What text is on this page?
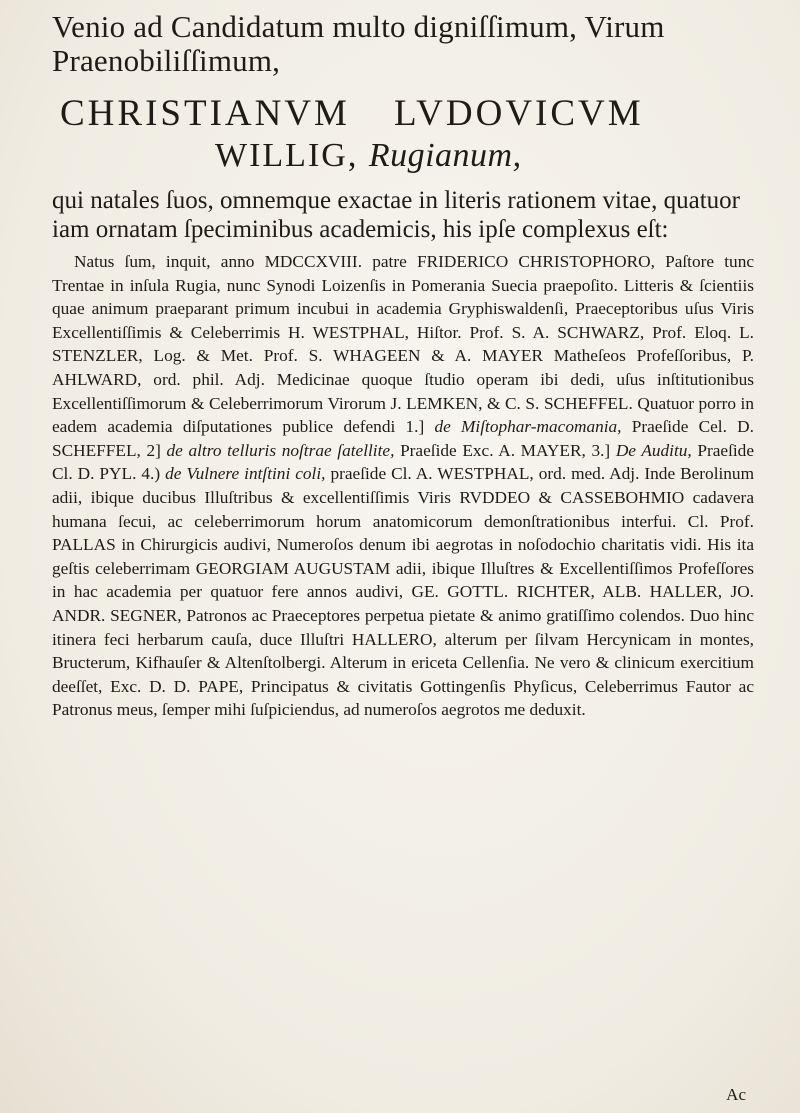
Venio ad Candidatum multo digniſſimum, Virum

Praenobiliſſimum,
CHRISTIANVM LVDOVICVM
WILLIG, Rugianum,
qui natales ſuos, omnemque exactae in literis rationem vitae, quatuor iam ornatam ſpeciminibus academicis, his ipſe complexus eſt:
Natus ſum, inquit, anno MDCCXVIII. patre FRIDERICO CHRISTOPHORO, Paſtore tunc Trentae in inſula Rugia, nunc Synodi Loizenſis in Pomerania Suecia praepoſito. Litteris & ſcientiis quae animum praeparant primum incubui in academia Gryphiswaldenſi, Praeceptoribus uſus Viris Excellentiſſimis & Celeberrimis H. WESTPHAL, Hiſtor. Prof. S. A. SCHWARZ, Prof. Eloq. L. STENZLER, Log. & Met. Prof. S. WHAGEEN & A. MAYER Matheſeos Profeſſoribus, P. AHLWARD, ord. phil. Adj. Medicinae quoque ſtudio operam ibi dedi, uſus inſtitutionibus Excellentiſſimorum & Celeberrimorum Virorum J. LEMKEN, & C. S. SCHEFFEL. Quatuor porro in eadem academia diſputationes publice defendi 1.] de Miſtophar-macomania, Praeſide Cel. D. SCHEFFEL, 2] de altro telluris noſtrae ſatellite, Praeſide Exc. A. MAYER, 3.] De Auditu, Praeſide Cl. D. PYL. 4.) de Vulnere intſtini coli, praeſide Cl. A. WESTPHAL, ord. med. Adj. Inde Berolinum adii, ibique ducibus Illuſtribus & excellentiſſimis Viris RVDDEO & CASSEBOHMIO cadavera humana ſecui, ac celeberrimorum horum anatomicorum demonſtrationibus interfui. Cl. Prof. PALLAS in Chirurgicis audivi, Numeroſos denum ibi aegrotas in noſodochio charitatis vidi. His ita geſtis celeberrimam GEORGIAM AUGUSTAM adii, ibique Illuſtres & Excellentiſſimos Profeſſores in hac academia per quatuor fere annos audivi, GE. GOTTL. RICHTER, ALB. HALLER, JO. ANDR. SEGNER, Patronos ac Praeceptores perpetua pietate & animo gratiſſimo colendos. Duo hinc itinera feci herbarum cauſa, duce Illuſtri HALLERO, alterum per ſilvam Hercynicam in montes, Bructerum, Kifhauſer & Altenſtolbergi. Alterum in ericeta Cellenſia. Ne vero & clinicum exercitium deeſſet, Exc. D. D. PAPE, Principatus & civitatis Gottingenſis Phyſicus, Celeberrimus Fautor ac Patronus meus, ſemper mihi ſuſpiciendus, ad numeroſos aegrotos me deduxit.
Ac
